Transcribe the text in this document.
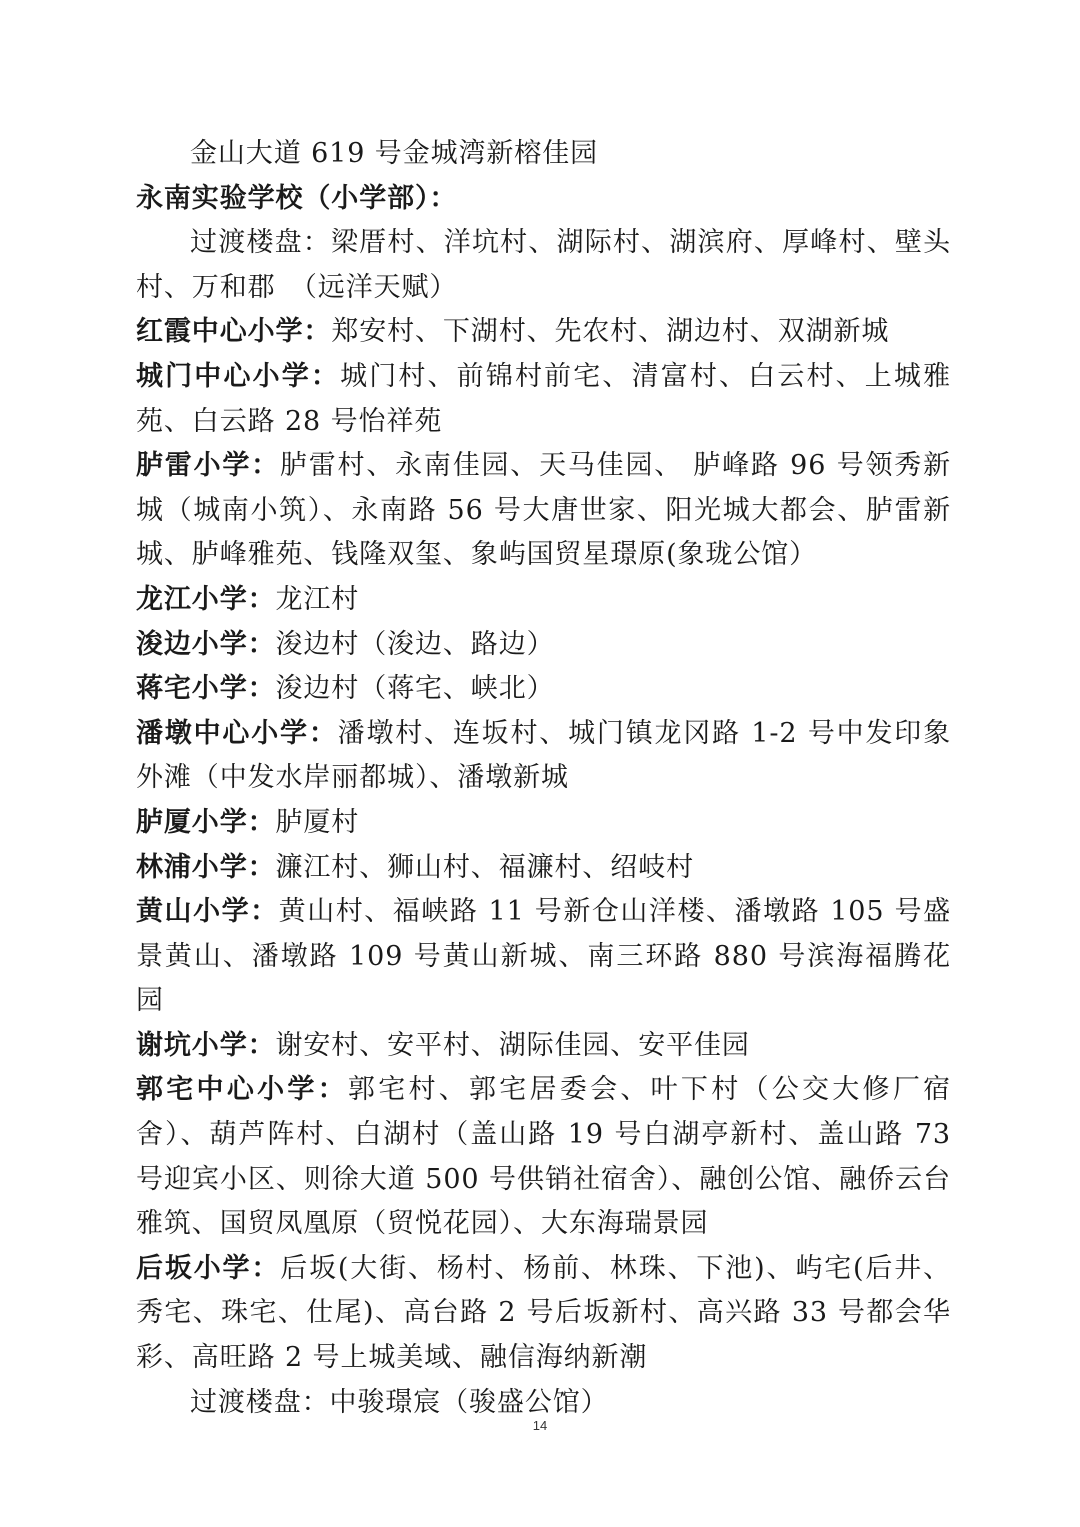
金山大道 619 号金城湾新榕佳园

永南实验学校（小学部）：

过渡楼盘：梁厝村、洋坑村、湖际村、湖滨府、厚峰村、壁头村、万和郡　（远洋天赋）

红霞中心小学：郑安村、下湖村、先农村、湖边村、双湖新城

城门中心小学：城门村、前锦村前宅、清富村、白云村、上城雅苑、白云路 28 号怡祥苑

胪雷小学：胪雷村、永南佳园、天马佳园、 胪峰路 96 号领秀新城（城南小筑）、永南路 56 号大唐世家、阳光城大都会、胪雷新城、胪峰雅苑、钱隆双玺、象屿国贸星璟原(象珑公馆）

龙江小学：龙江村

浚边小学：浚边村（浚边、路边）

蒋宅小学：浚边村（蒋宅、峡北）

潘墩中心小学：潘墩村、连坂村、城门镇龙冈路 1-2 号中发印象外滩（中发水岸丽都城）、潘墩新城

胪厦小学：胪厦村

林浦小学：濂江村、狮山村、福濂村、绍岐村

黄山小学：黄山村、福峡路 11 号新仓山洋楼、潘墩路 105 号盛景黄山、潘墩路 109 号黄山新城、南三环路 880 号滨海福腾花园

谢坑小学：谢安村、安平村、湖际佳园、安平佳园

郭宅中心小学：郭宅村、郭宅居委会、叶下村（公交大修厂宿舍）、葫芦阵村、白湖村（盖山路 19 号白湖亭新村、盖山路 73 号迎宾小区、则徐大道 500 号供销社宿舍）、融创公馆、融侨云台雅筑、国贸凤凰原（贸悦花园）、大东海瑞景园

后坂小学：后坂(大街、杨村、杨前、林珠、下池)、屿宅(后井、秀宅、珠宅、仕尾)、高台路 2 号后坂新村、高兴路 33 号都会华彩、高旺路 2 号上城美域、融信海纳新潮

过渡楼盘：中骏璟宸（骏盛公馆）

14
